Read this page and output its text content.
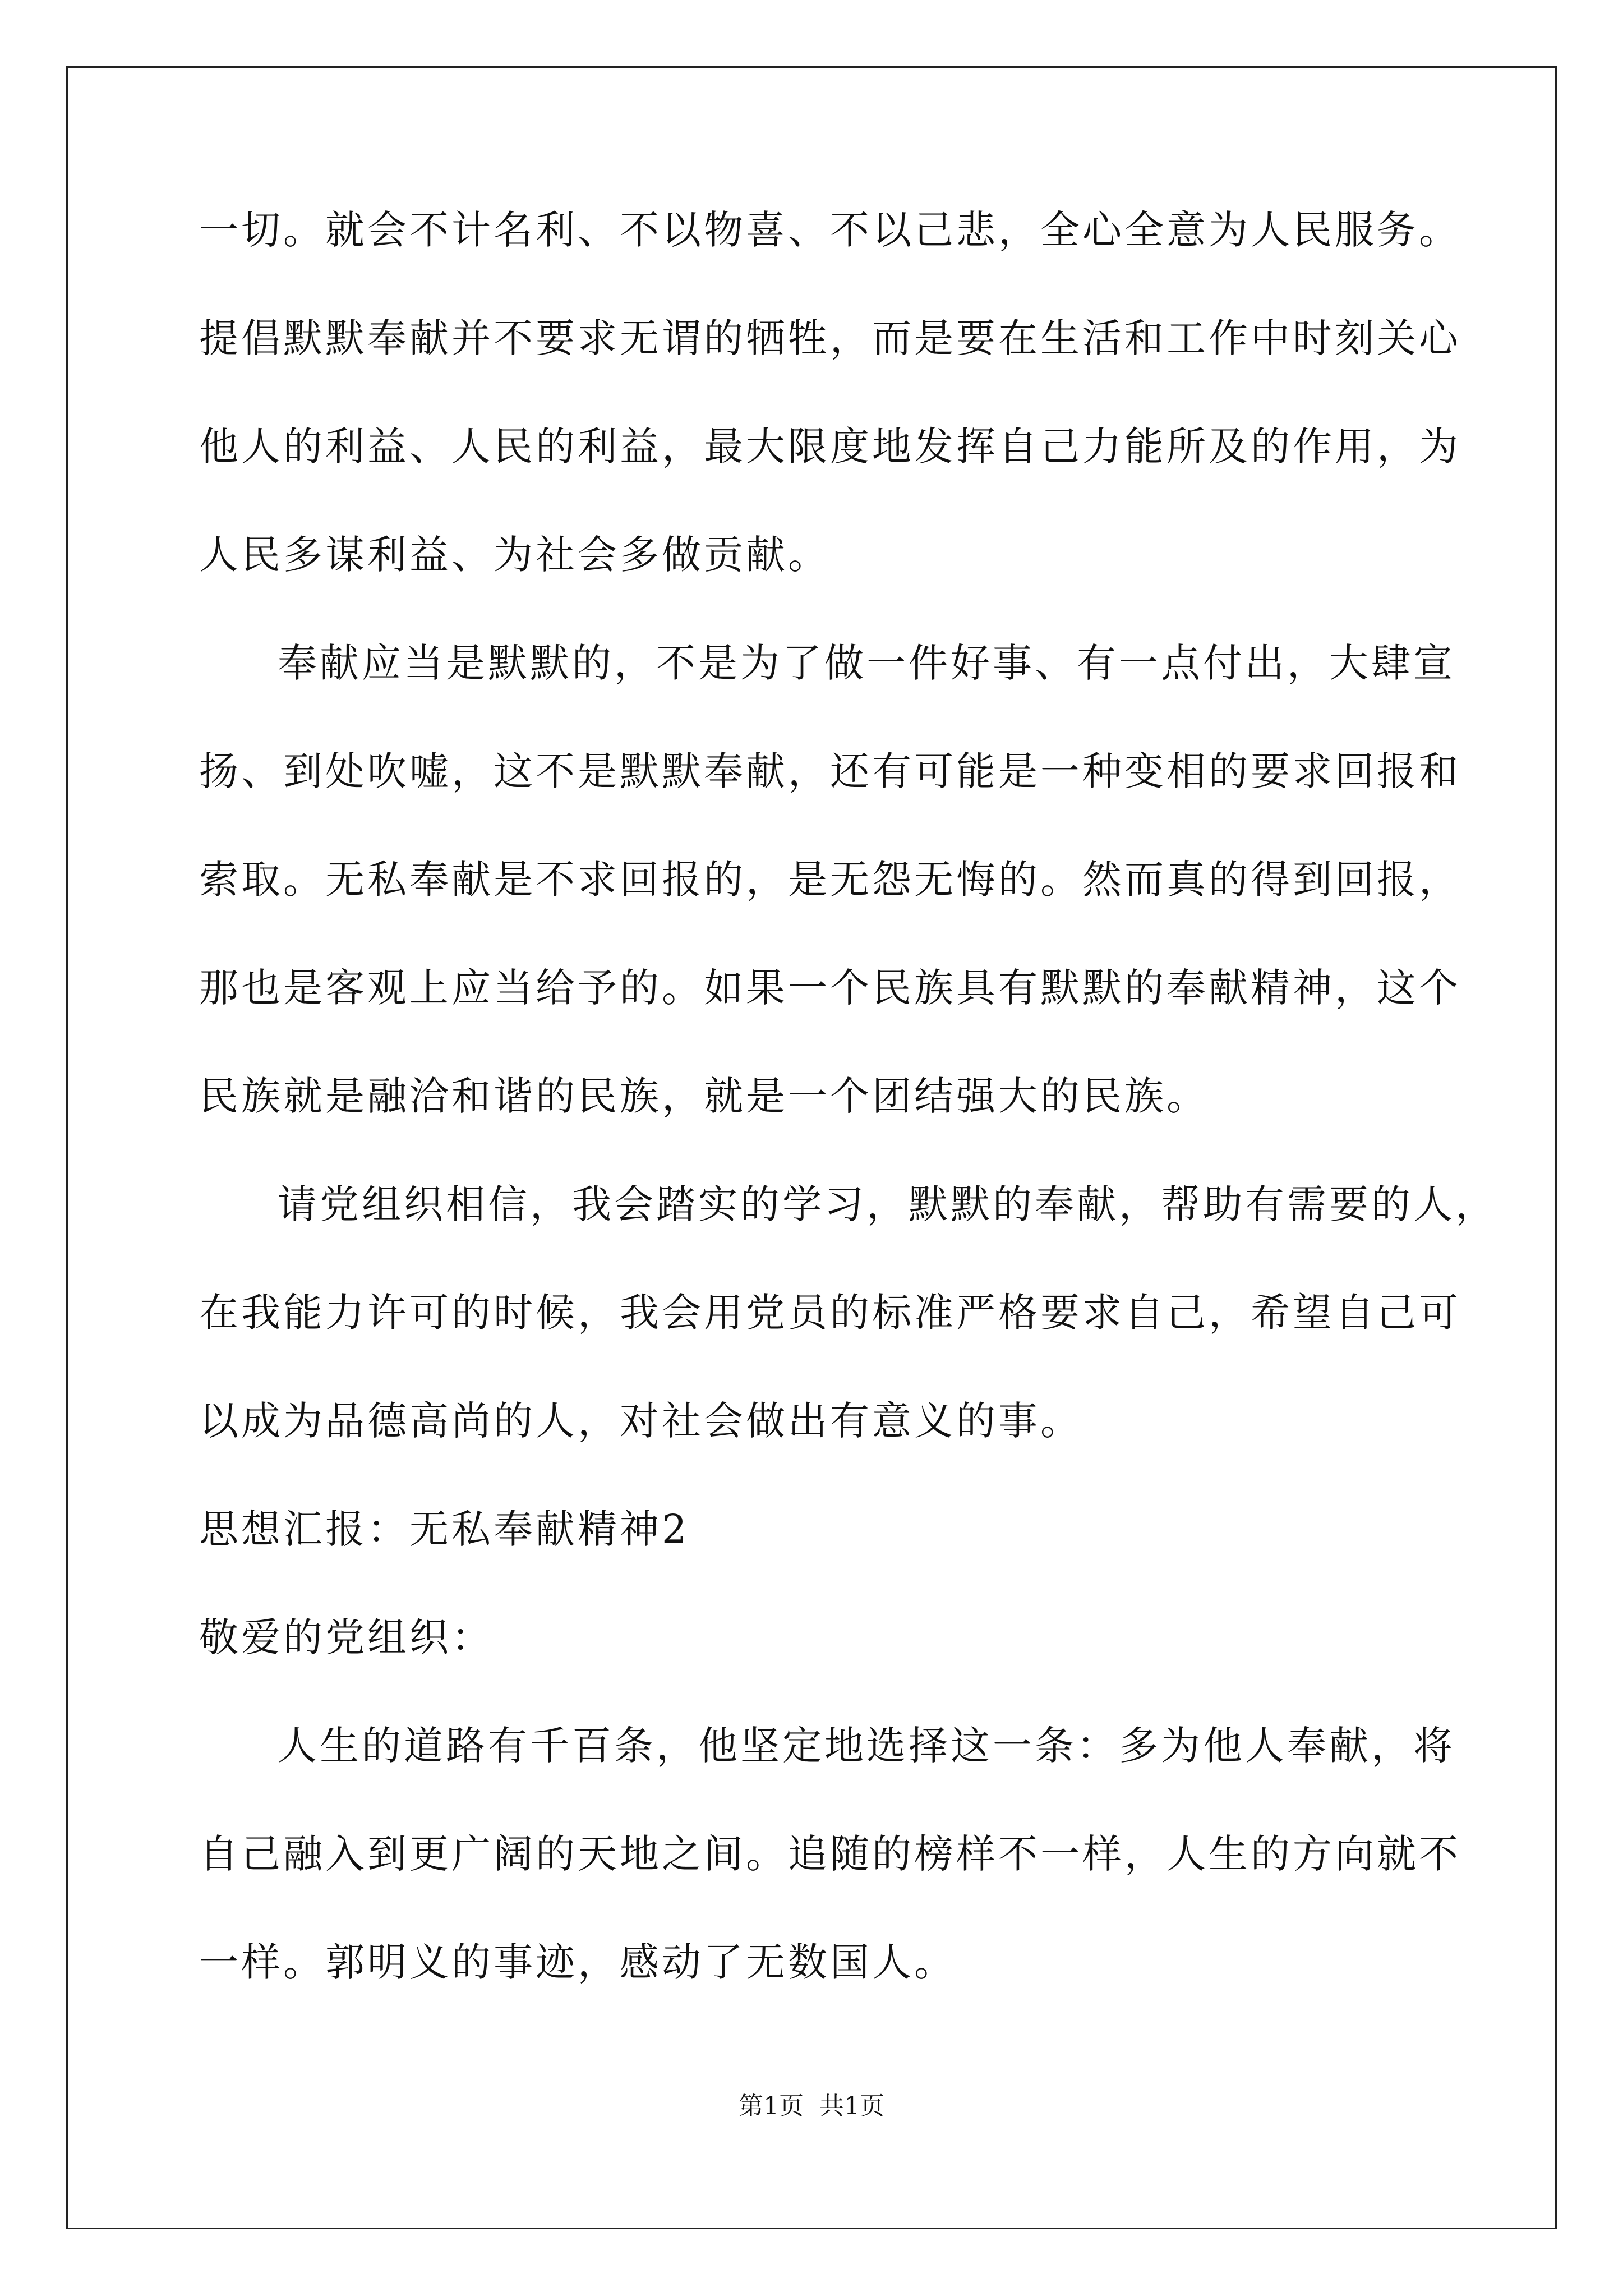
一切。就会不计名利、不以物喜、不以己悲，全心全意为人民服务。
提倡默默奉献并不要求无谓的牺牲，而是要在生活和工作中时刻关心
他人的利益、人民的利益，最大限度地发挥自己力能所及的作用，为
人民多谋利益、为社会多做贡献。
奉献应当是默默的，不是为了做一件好事、有一点付出，大肆宣
扬、到处吹嘘，这不是默默奉献，还有可能是一种变相的要求回报和
索取。无私奉献是不求回报的，是无怨无悔的。然而真的得到回报，
那也是客观上应当给予的。如果一个民族具有默默的奉献精神，这个
民族就是融洽和谐的民族，就是一个团结强大的民族。
请党组织相信，我会踏实的学习，默默的奉献，帮助有需要的人，
在我能力许可的时候，我会用党员的标准严格要求自己，希望自己可
以成为品德高尚的人，对社会做出有意义的事。
思想汇报：无私奉献精神2
敬爱的党组织：
人生的道路有千百条，他坚定地选择这一条：多为他人奉献，将
自己融入到更广阔的天地之间。追随的榜样不一样，人生的方向就不
一样。郭明义的事迹，感动了无数国人。
第1页 共1页
